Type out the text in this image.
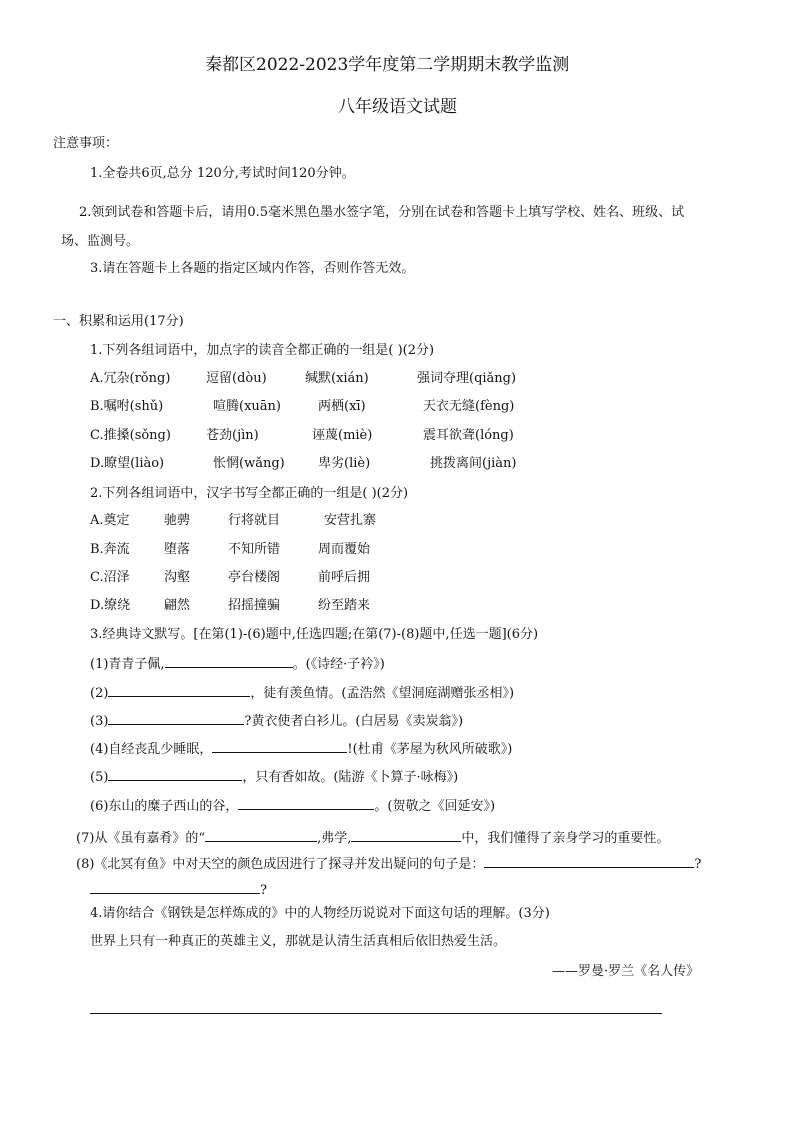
秦都区2022-2023学年度第二学期期末教学监测
八年级语文试题
注意事项：
1.全卷共6页,总分 120分,考试时间120分钟。
2.领到试卷和答题卡后，请用0.5毫米黑色墨水签字笔，分别在试卷和答题卡上填写学校、姓名、班级、试
场、监测号。
3.请在答题卡上各题的指定区域内作答，否则作答无效。
一、积累和运用(17分)
1.下列各组词语中，加点字的读音全都正确的一组是( )(2分)
A.冗杂(rǒng)	逗留(dòu)	缄默(xián)	强词夺理(qiǎng)
B.嘱咐(shǔ)	喧腾(xuān)	两栖(xī)	天衣无缝(fèng)
C.推搡(sǒng)	苍劲(jìn)	诬蔑(miè)	震耳欲聋(lóng)
D.瞭望(liào)	怅惘(wǎng)	卑劣(liè)	挑拨离间(jiàn)
2.下列各组词语中，汉字书写全都正确的一组是( )(2分)
A.奠定	驰骋	行将就目	安营扎寨
B.奔流	堕落	不知所错	周而覆始
C.沼泽	沟壑	亭台楼阁	前呼后拥
D.缭绕	翩然	招摇撞骗	纷至踏来
3.经典诗文默写。[在第(1)-(6)题中,任选四题;在第(7)-(8)题中,任选一题](6分)
(1)青青子佩,	。(《诗经·子衿》)
(2)	，徒有羡鱼情。(孟浩然《望洞庭湖赠张丞相》)
(3)	?黄衣使者白衫儿。(白居易《卖炭翁》)
(4)自经丧乱少睡眠，	!(杜甫《茅屋为秋风所破歌》)
(5)	，只有香如故。(陆游《卜算子·咏梅》)
(6)东山的糜子西山的谷，	。(贺敬之《回延安》)
(7)从《虽有嘉肴》的“	,弗学,	中，我们懂得了亲身学习的重要性。
(8)《北冥有鱼》中对天空的颜色成因进行了探寻并发出疑问的句子是：	?
?
4.请你结合《钢铁是怎样炼成的》中的人物经历说说对下面这句话的理解。(3分)
世界上只有一种真正的英雄主义，那就是认清生活真相后依旧热爱生活。
——罗曼·罗兰《名人传》
